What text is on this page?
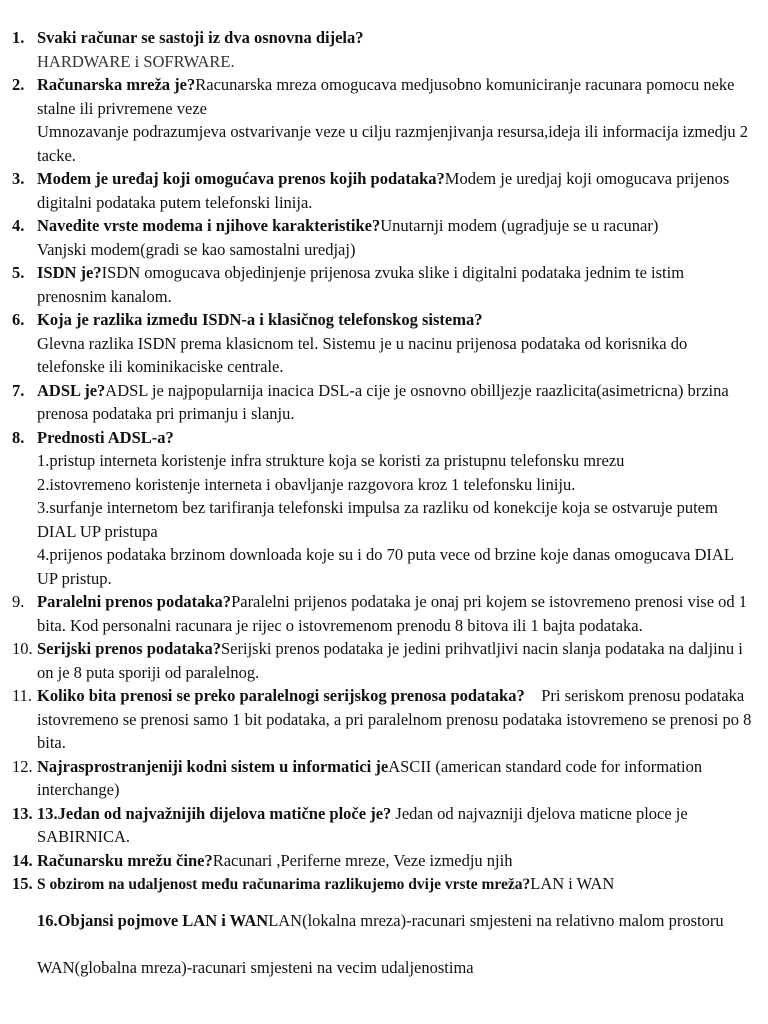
1. Svaki računar se sastoji iz dva osnovna dijela?
HARDWARE i SOFRWARE.
2. Računarska mreža je?Racunarska mreza omogucava medjusobno komuniciranje racunara pomocu neke stalne ili privremene veze
Umnozavanje podrazumjeva ostvarivanje veze u cilju razmjenjivanja resursa,ideja ili informacija izmedju 2 tacke.
3. Modem je uređaj koji omogućava prenos kojih podataka?Modem je uredjaj koji omogucava prijenos digitalni podataka putem telefonski linija.
4. Navedite vrste modema i njihove karakteristike?Unutarnji modem (ugradjuje se u racunar)
Vanjski modem(gradi se kao samostalni uredjaj)
5. ISDN je?ISDN omogucava objedinjenje prijenosa zvuka slike i digitalni podataka jednim te istim prenosnim kanalom.
6. Koja je razlika između ISDN-a i klasičnog telefonskog sistema?
Glevna razlika ISDN prema klasicnom tel. Sistemu je u nacinu prijenosa podataka od korisnika do telefonske ili kominikaciske centrale.
7. ADSL je?ADSL je najpopularnija inacica DSL-a cije je osnovno obilljezje raazlicita(asimetricna) brzina prenosa podataka pri primanju i slanju.
8. Prednosti ADSL-a?
1.pristup interneta koristenje infra strukture koja se koristi za pristupnu telefonsku mrezu
2.istovremeno koristenje interneta i obavljanje razgovora kroz 1 telefonsku liniju.
3.surfanje internetom bez tarifiranja telefonski impulsa za razliku od konekcije koja se ostvaruje putem DIAL UP pristupa
4.prijenos podataka brzinom downloada koje su i do 70 puta vece od brzine koje danas omogucava DIAL UP pristup.
9. Paralelni prenos podataka?Paralelni prijenos podataka je onaj pri kojem se istovremeno prenosi vise od 1 bita. Kod personalni racunara je rijec o istovremenom prenodu 8 bitova ili 1 bajta podataka.
10. Serijski prenos podataka?Serijski prenos podataka je jedini prihvatljivi nacin slanja podataka na daljinu i on je 8 puta sporiji od paralelnog.
11. Koliko bita prenosi se preko paralelnogi serijskog prenosa podataka?    Pri seriskom prenosu podataka  istovremeno se prenosi samo 1 bit podataka, a pri paralelnom prenosu podataka istovremeno se prenosi po 8 bita.
12. Najrasprostranjeniji kodni sistem u informatici jeASCII (american standard code for information interchange)
13. 13.Jedan od najvažnijih dijelova matične ploče je? Jedan od najvazniji djelova maticne ploce je SABIRNICA.
14. Računarsku mrežu čine?Racunari ,Periferne mreze, Veze izmedju njih
15. S obzirom na udaljenost među računarima razlikujemo dvije vrste mreža?LAN i WAN
16.Objansi pojmove LAN i WANLAN(lokalna mreza)-racunari smjesteni na relativno malom prostoru
WAN(globalna mreza)-racunari smjesteni na vecim udaljenostima
